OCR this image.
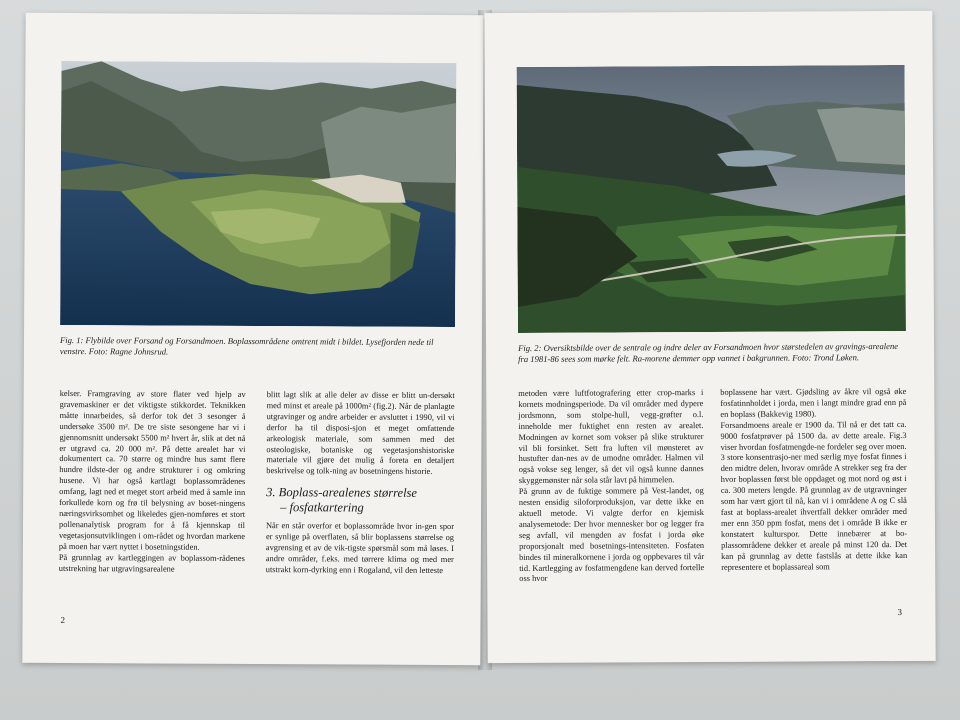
Fig. 1: Flybilde over Forsand og Forsandmoen. Boplassområdene omtrent midt i bildet. Lysefjorden nede til venstre. Foto: Ragne Johnsrud.

kelser. Framgraving av store flater ved hjelp av gravemaskiner er det viktigste stikkordet. Teknikken måtte innarbeides, så derfor tok det 3 sesonger å undersøke 3500 m². De tre siste sesongene har vi i gjennomsnitt undersøkt 5500 m² hvert år, slik at det nå er utgravd ca. 20 000 m². På dette arealet har vi dokumentert ca. 70 større og mindre hus samt flere hundre ildste-der og andre strukturer i og omkring husene. Vi har også kartlagt boplassområdenes omfang, lagt ned et meget stort arbeid med å samle inn forkullede korn og frø til belysning av boset-ningens næringsvirksomhet og likeledes gjen-nomføres et stort pollenanalytisk program for å få kjennskap til vegetasjonsutviklingen i om-rådet og hvordan markene på moen har vært nyttet i bosetningstiden.
På grunnlag av kartleggingen av boplassom-rådenes utstrekning har utgravingsarealene

blitt lagt slik at alle deler av disse er blitt un-dersøkt med minst et areale på 1000m² (fig.2). Når de planlagte utgravinger og andre arbeider er avsluttet i 1990, vil vi derfor ha til disposi-sjon et meget omfattende arkeologisk materiale, som sammen med det osteologiske, botaniske og vegetasjonshistoriske materiale vil gjøre det mulig å foreta en detaljert beskrivelse og tolk-ning av bosetningens historie.

3. Boplass-arealenes størrelse
– fosfatkartering

Når en står overfor et boplassområde hvor in-gen spor er synlige på overflaten, så blir boplassens størrelse og avgrensing et av de vik-tigste spørsmål som må løses. I andre områder, f.eks. med tørrere klima og med mer utstrakt korn-dyrking enn i Rogaland, vil den letteste

2
Fig. 2: Oversiktsbilde over de sentrale og indre deler av Forsandmoen hvor størstedelen av gravings-arealene fra 1981-86 sees som mørke felt. Ra-morene demmer opp vannet i bakgrunnen. Foto: Trond Løken.

metoden være luftfotografering etter crop-marks i kornets modningsperiode. Da vil områder med dypere jordsmonn, som stolpe-hull, vegg-grøfter o.l. inneholde mer fuktighet enn resten av arealet. Modningen av kornet som vokser på slike strukturer vil bli forsinket. Sett fra luften vil mønsteret av hustufter dan-nes av de umodne områder. Halmen vil også vokse seg lenger, så det vil også kunne dannes skyggemønster når sola står lavt på himmelen.
På grunn av de fuktige sommere på Vest-landet, og nesten ensidig siloforproduksjon, var dette ikke en aktuell metode. Vi valgte derfor en kjemisk analysemetode: Der hvor mennesker bor og legger fra seg avfall, vil mengden av fosfat i jorda øke proporsjonalt med bosetnings-intensiteten. Fosfaten bindes til mineralkornene i jorda og oppbevares til vår tid. Kartlegging av fosfatmengdene kan derved fortelle oss hvor

boplassene har vært. Gjødsling av åkre vil også øke fosfatinnholdet i jorda, men i langt mindre grad enn på en boplass (Bakkevig 1980).
Forsandmoens areale er 1900 da. Til nå er det tatt ca. 9000 fosfatprøver på 1500 da. av dette areale. Fig.3 viser hvordan fosfatmengde-ne fordeler seg over moen. 3 store konsentrasjo-ner med særlig mye fosfat finnes i den midtre delen, hvorav område A strekker seg fra der hvor boplassen først ble oppdaget og mot nord og øst i ca. 300 meters lengde. På grunnlag av de utgravninger som har vært gjort til nå, kan vi i områdene A og C slå fast at boplass-arealet ihvertfall dekker områder med mer enn 350 ppm fosfat, mens det i område B ikke er konstatert kulturspor. Dette innebærer at bo-plassområdene dekker et areale på minst 120 da. Det kan på grunnlag av dette fastslås at dette ikke kan representere et boplassareal som

3
